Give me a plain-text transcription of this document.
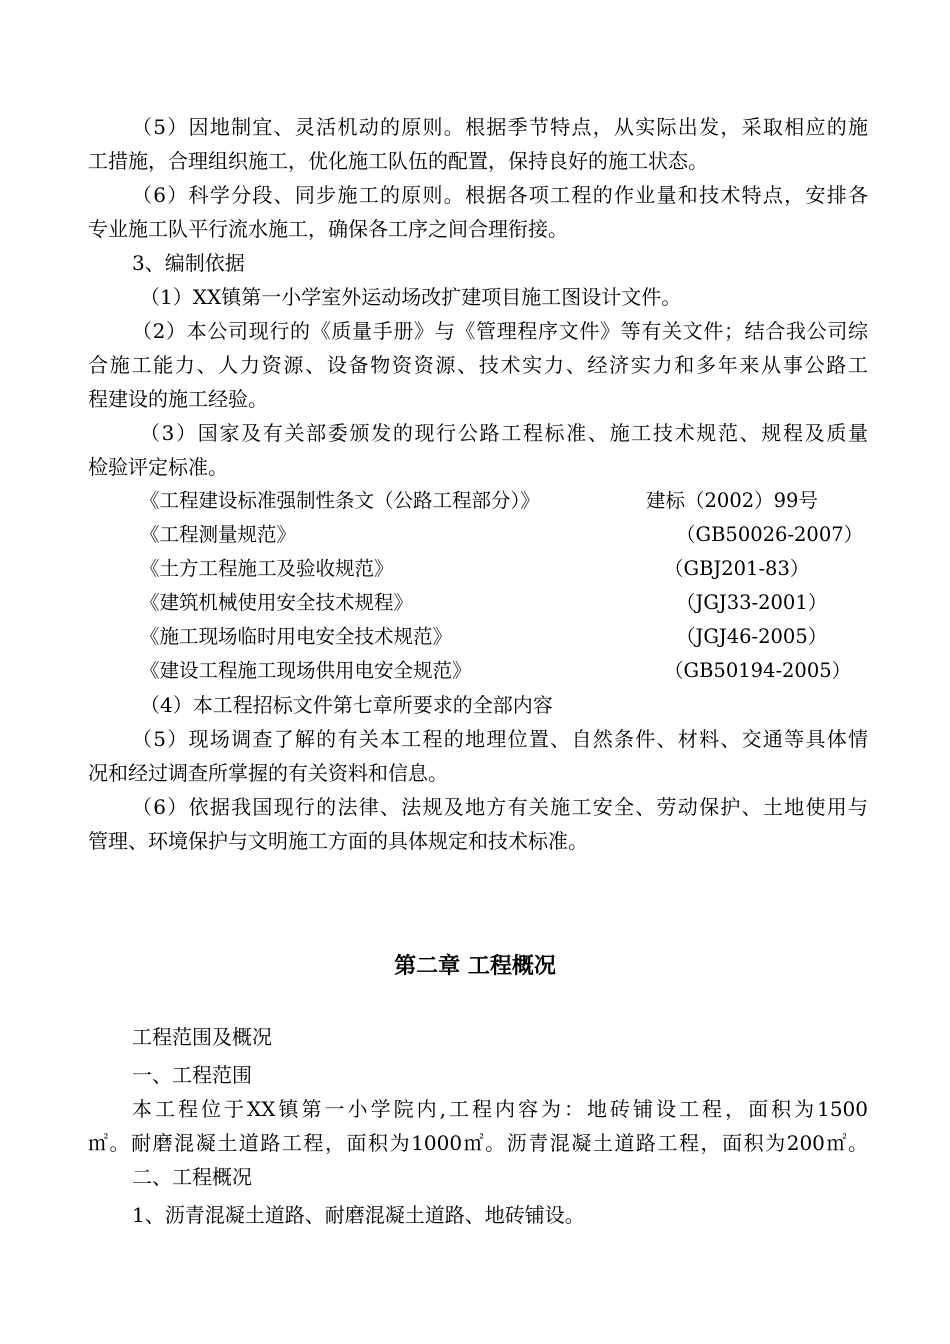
（5）因地制宜、灵活机动的原则。根据季节特点，从实际出发，采取相应的施
工措施，合理组织施工，优化施工队伍的配置，保持良好的施工状态。
（6）科学分段、同步施工的原则。根据各项工程的作业量和技术特点，安排各
专业施工队平行流水施工，确保各工序之间合理衔接。
3、编制依据
（1）XX镇第一小学室外运动场改扩建项目施工图设计文件。
（2）本公司现行的《质量手册》与《管理程序文件》等有关文件；结合我公司综
合施工能力、人力资源、设备物资资源、技术实力、经济实力和多年来从事公路工
程建设的施工经验。
（3）国家及有关部委颁发的现行公路工程标准、施工技术规范、规程及质量
检验评定标准。
《工程建设标准强制性条文（公路工程部分）》	建标（2002）99号
《工程测量规范》	（GB50026-2007）
《土方工程施工及验收规范》	（GBJ201-83）
《建筑机械使用安全技术规程》	（JGJ33-2001）
《施工现场临时用电安全技术规范》	（JGJ46-2005）
《建设工程施工现场供用电安全规范》	（GB50194-2005）
（4）本工程招标文件第七章所要求的全部内容
（5）现场调查了解的有关本工程的地理位置、自然条件、材料、交通等具体情
况和经过调查所掌握的有关资料和信息。
（6）依据我国现行的法律、法规及地方有关施工安全、劳动保护、土地使用与
管理、环境保护与文明施工方面的具体规定和技术标准。
第二章 工程概况
工程范围及概况
一、工程范围
本工程位于XX镇第一小学院内,工程内容为：地砖铺设工程，面积为1500
㎡。耐磨混凝土道路工程，面积为1000㎡。沥青混凝土道路工程，面积为200㎡。
二、工程概况
1、沥青混凝土道路、耐磨混凝土道路、地砖铺设。
